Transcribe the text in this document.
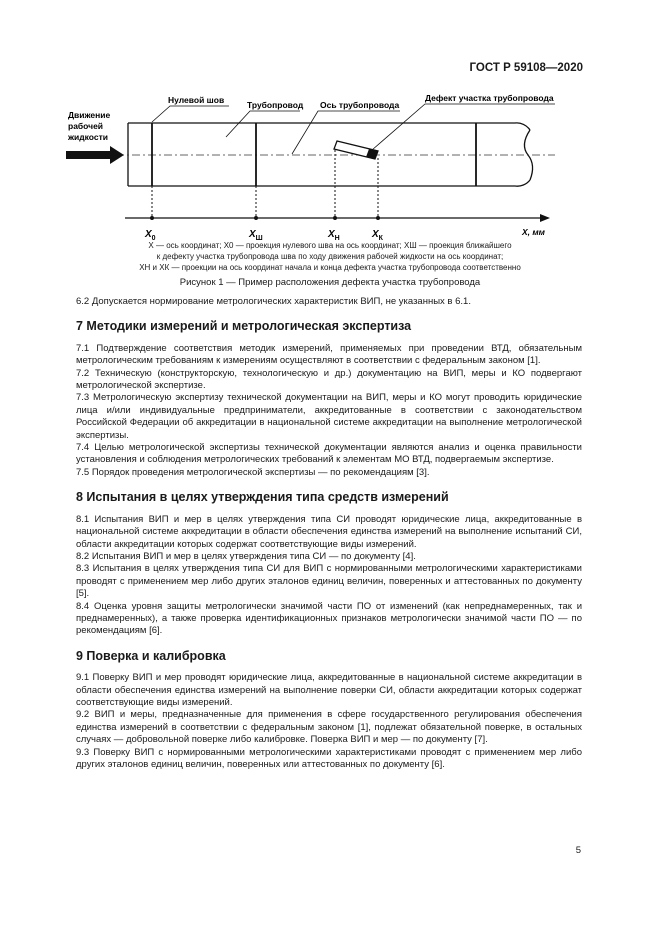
ГОСТ Р 59108—2020
Движение
рабочей
жидкости
Нулевой шов	Трубопровод Ось трубопровода
Дефект участка трубопровода
X, мм
$X_0$	$X_Ш$	$X_Н$	$X_К$
X — ось координат; X0 — проекция нулевого шва на ось координат; XШ — проекция ближайшего
к дефекту участка трубопровода шва по ходу движения рабочей жидкости на ось координат;
XН и XК — проекции на ось координат начала и конца дефекта участка трубопровода соответственно
Рисунок 1 — Пример расположения дефекта участка трубопровода

6.2 Допускается нормирование метрологических характеристик ВИП, не указанных в 6.1.

7 Методики измерений и метрологическая экспертиза

7.1 Подтверждение соответствия методик измерений, применяемых при проведении ВТД, обязательным метрологическим требованиям к измерениям осуществляют в соответствии с федеральным законом [1].

7.2 Техническую (конструкторскую, технологическую и др.) документацию на ВИП, меры и КО подвергают метрологической экспертизе.

7.3 Метрологическую экспертизу технической документации на ВИП, меры и КО могут проводить юридические лица и/или индивидуальные предприниматели, аккредитованные в соответствии с законодательством Российской Федерации об аккредитации в национальной системе аккредитации на выполнение метрологической экспертизы.

7.4 Целью метрологической экспертизы технической документации являются анализ и оценка правильности установления и соблюдения метрологических требований к элементам МО ВТД, подвергаемым экспертизе.

7.5 Порядок проведения метрологической экспертизы — по рекомендациям [3].

8 Испытания в целях утверждения типа средств измерений

8.1 Испытания ВИП и мер в целях утверждения типа СИ проводят юридические лица, аккредитованные в национальной системе аккредитации в области обеспечения единства измерений на выполнение испытаний СИ, области аккредитации которых содержат соответствующие виды измерений.

8.2 Испытания ВИП и мер в целях утверждения типа СИ — по документу [4].

8.3 Испытания в целях утверждения типа СИ для ВИП с нормированными метрологическими характеристиками проводят с применением мер либо других эталонов единиц величин, поверенных и аттестованных по документу [5].

8.4 Оценка уровня защиты метрологически значимой части ПО от изменений (как непреднамеренных, так и преднамеренных), а также проверка идентификационных признаков метрологически значимой части ПО — по рекомендациям [6].

9 Поверка и калибровка

9.1 Поверку ВИП и мер проводят юридические лица, аккредитованные в национальной системе аккредитации в области обеспечения единства измерений на выполнение поверки СИ, области аккредитации которых содержат соответствующие виды измерений.

9.2 ВИП и меры, предназначенные для применения в сфере государственного регулирования обеспечения единства измерений в соответствии с федеральным законом [1], подлежат обязательной поверке, в остальных случаях — добровольной поверке либо калибровке. Поверка ВИП и мер — по документу [7].

9.3 Поверку ВИП с нормированными метрологическими характеристиками проводят с применением мер либо других эталонов единиц величин, поверенных или аттестованных по документу [6].

5
